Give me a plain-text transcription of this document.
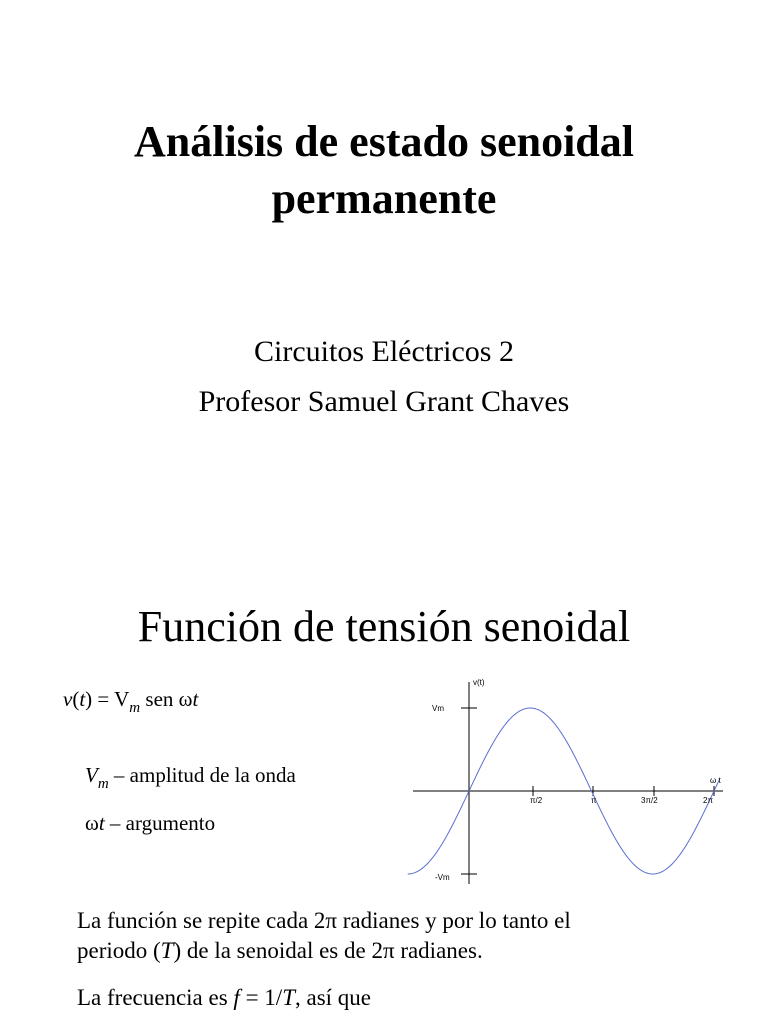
Análisis de estado senoidal
permanente
Circuitos Eléctricos 2
Profesor Samuel Grant Chaves
Función de tensión senoidal
$v(t) = V_m$ sen ωt
$V_m$ – amplitud de la onda
ωt – argumento
v(t)
Vm
-Vm
ω t
π/2	π	3π/2	2π
La función se repite cada 2π radianes y por lo tanto el
periodo (T) de la senoidal es de 2π radianes.
La frecuencia es f = 1/T, así que
